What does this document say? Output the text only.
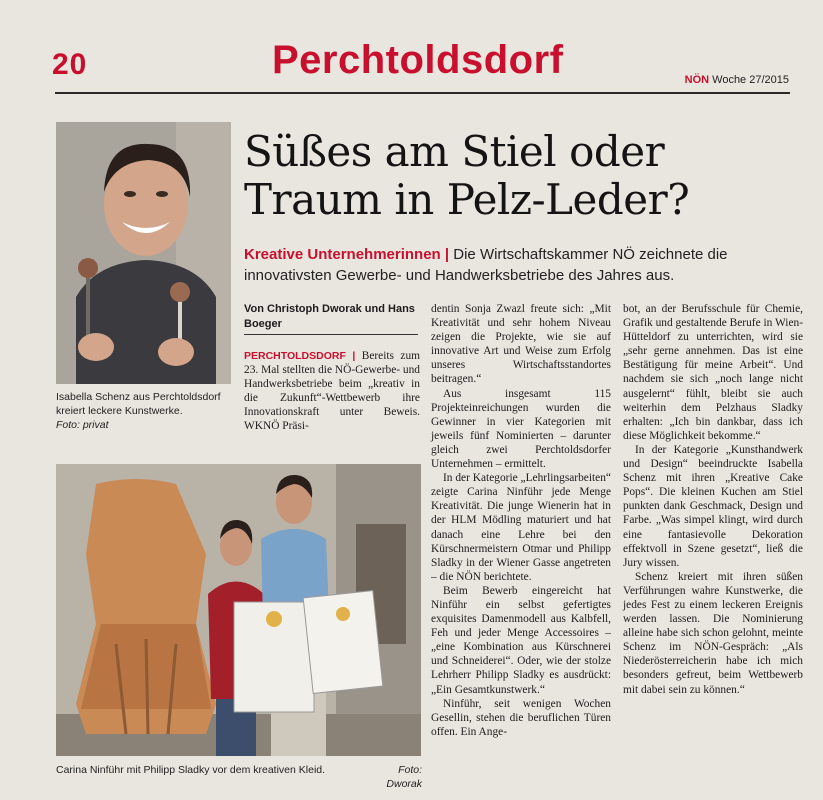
20	Perchtoldsdorf	NÖN Woche 27/2015
Isabella Schenz aus Perchtoldsdorf kreiert leckere Kunstwerke.
Foto: privat
Süßes am Stiel oder
Traum in Pelz-Leder?
Kreative Unternehmerinnen | Die Wirtschaftskammer NÖ zeichnete die innovativsten Gewerbe- und Handwerksbetriebe des Jahres aus.
Von Christoph Dworak und Hans Boeger

PERCHTOLDSDORF | Bereits zum 23. Mal stellten die NÖ-Gewerbe- und Handwerksbetriebe beim „kreativ in die Zukunft“-Wettbewerb ihre Innovationskraft unter Beweis. WKNÖ Präsi-

dentin Sonja Zwazl freute sich: „Mit Kreativität und sehr hohem Niveau zeigen die Projekte, wie sie auf innovative Art und Weise zum Erfolg unseres Wirtschaftsstandortes beitragen.“

Aus insgesamt 115 Projekteinreichungen wurden die Gewinner in vier Kategorien mit jeweils fünf Nominierten – darunter gleich zwei Perchtoldsdorfer Unternehmen – ermittelt.

In der Kategorie „Lehrlingsarbeiten“ zeigte Carina Ninführ jede Menge Kreativität. Die junge Wienerin hat in der HLM Mödling maturiert und hat danach eine Lehre bei den Kürschnermeistern Otmar und Philipp Sladky in der Wiener Gasse angetreten – die NÖN berichtete.

Beim Bewerb eingereicht hat Ninführ ein selbst gefertigtes exquisites Damenmodell aus Kalbfell, Feh und jeder Menge Accessoires – „eine Kombination aus Kürschnerei und Schneiderei“. Oder, wie der stolze Lehrherr Philipp Sladky es ausdrückt: „Ein Gesamtkunstwerk.“

Ninführ, seit wenigen Wochen Gesellin, stehen die beruflichen Türen offen. Ein Ange-

bot, an der Berufsschule für Chemie, Grafik und gestaltende Berufe in Wien-Hütteldorf zu unterrichten, wird sie „sehr gerne annehmen. Das ist eine Bestätigung für meine Arbeit“. Und nachdem sie sich „noch lange nicht ausgelernt“ fühlt, bleibt sie auch weiterhin dem Pelzhaus Sladky erhalten: „Ich bin dankbar, dass ich diese Möglichkeit bekomme.“

In der Kategorie „Kunsthandwerk und Design“ beeindruckte Isabella Schenz mit ihren „Kreative Cake Pops“. Die kleinen Kuchen am Stiel punkten dank Geschmack, Design und Farbe. „Was simpel klingt, wird durch eine fantasievolle Dekoration effektvoll in Szene gesetzt“, ließ die Jury wissen.

Schenz kreiert mit ihren süßen Verführungen wahre Kunstwerke, die jedes Fest zu einem leckeren Ereignis werden lassen. Die Nominierung alleine habe sich schon gelohnt, meinte Schenz im NÖN-Gespräch: „Als Niederösterreicherin habe ich mich besonders gefreut, beim Wettbewerb mit dabei sein zu können.“

Carina Ninführ mit Philipp Sladky vor dem kreativen Kleid.	Foto: Dworak
